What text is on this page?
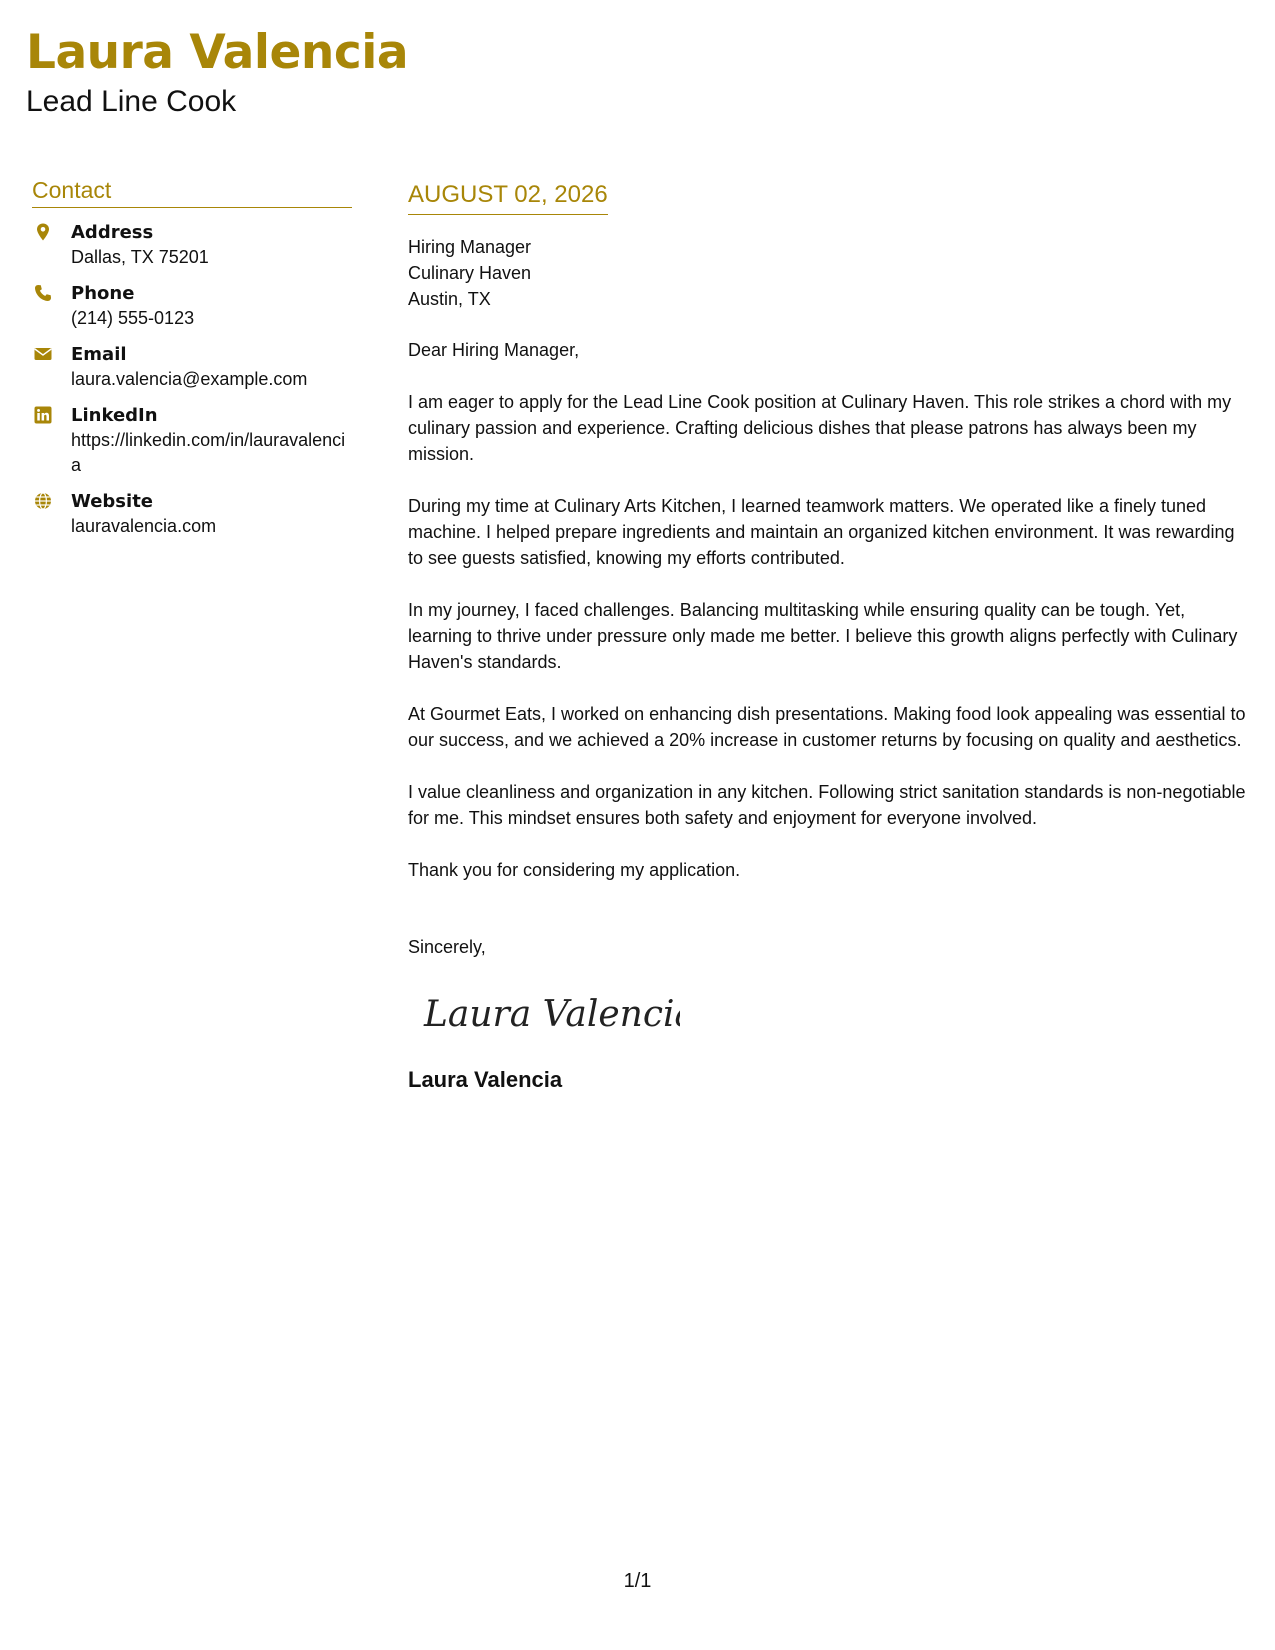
Laura Valencia
Lead Line Cook
Contact
Address
Dallas, TX 75201
Phone
(214) 555-0123
Email
laura.valencia@example.com
LinkedIn
https://linkedin.com/in/lauravalencia
Website
lauravalencia.com
AUGUST 02, 2026
Hiring Manager
Culinary Haven
Austin, TX
Dear Hiring Manager,

I am eager to apply for the Lead Line Cook position at Culinary Haven. This role strikes a chord with my culinary passion and experience. Crafting delicious dishes that please patrons has always been my mission.

During my time at Culinary Arts Kitchen, I learned teamwork matters. We operated like a finely tuned machine. I helped prepare ingredients and maintain an organized kitchen environment. It was rewarding to see guests satisfied, knowing my efforts contributed.

In my journey, I faced challenges. Balancing multitasking while ensuring quality can be tough. Yet, learning to thrive under pressure only made me better. I believe this growth aligns perfectly with Culinary Haven's standards.

At Gourmet Eats, I worked on enhancing dish presentations. Making food look appealing was essential to our success, and we achieved a 20% increase in customer returns by focusing on quality and aesthetics.

I value cleanliness and organization in any kitchen. Following strict sanitation standards is non-negotiable for me. This mindset ensures both safety and enjoyment for everyone involved.

Thank you for considering my application.

Sincerely,
Laura Valencia
Laura Valencia
1/1
